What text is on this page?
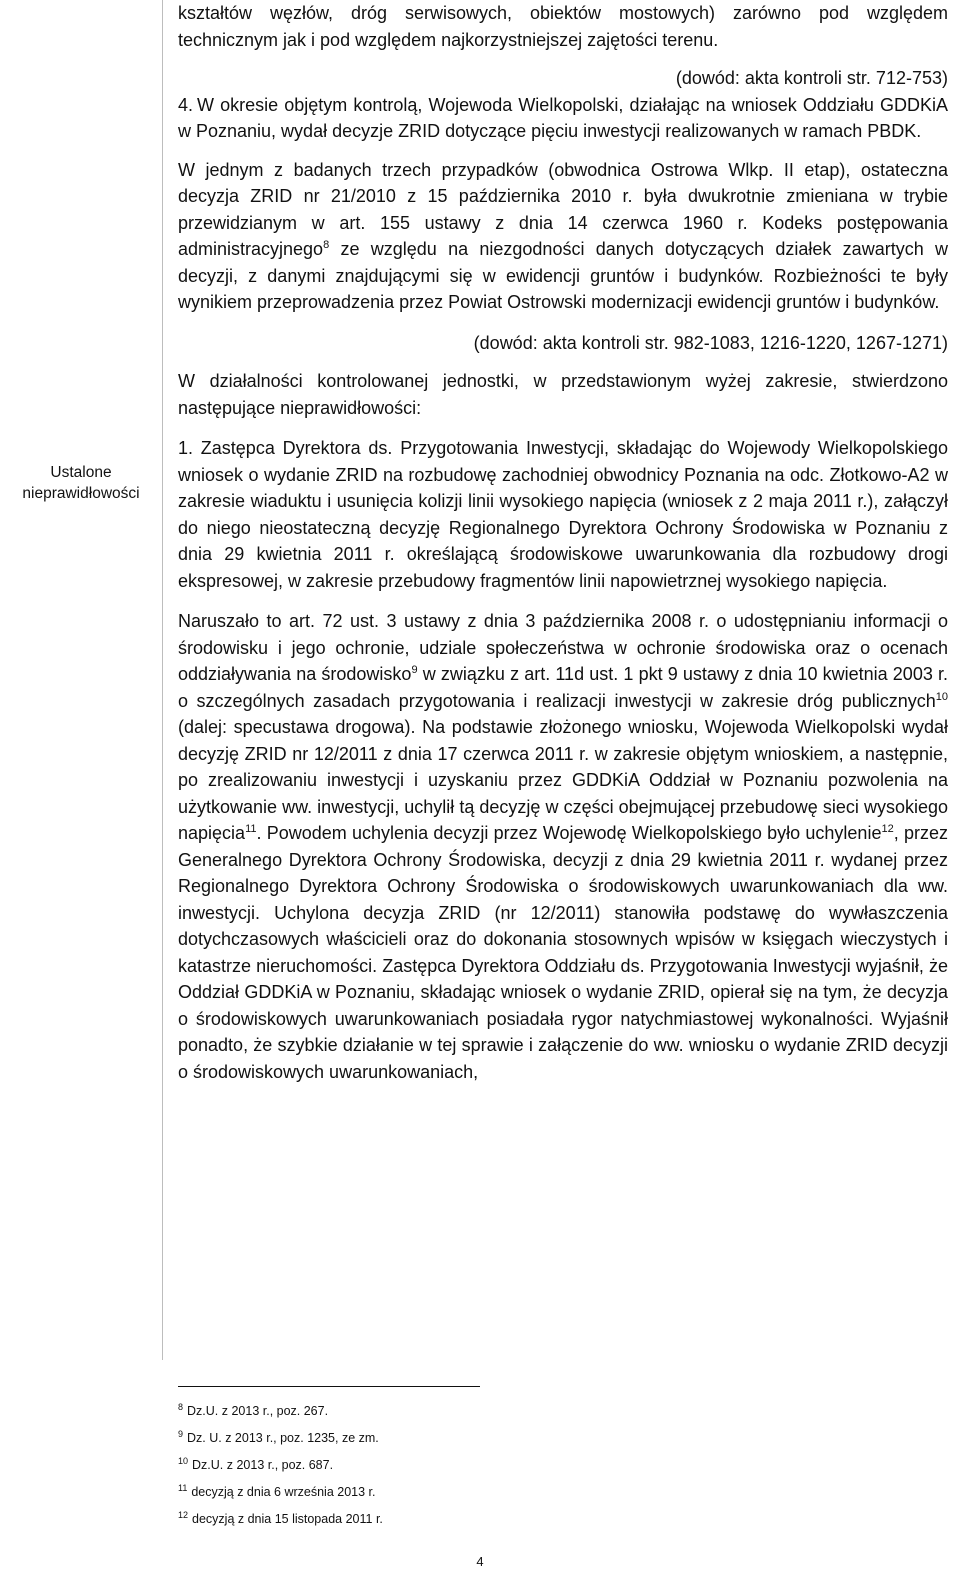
Ustalone
nieprawidłowości

kształtów węzłów, dróg serwisowych, obiektów mostowych) zarówno pod względem technicznym jak i pod względem najkorzystniejszej zajętości terenu.

(dowód: akta kontroli str. 712-753)

4. W okresie objętym kontrolą, Wojewoda Wielkopolski, działając na wniosek Oddziału GDDKiA w Poznaniu, wydał decyzje ZRID dotyczące pięciu inwestycji realizowanych w ramach PBDK.

W jednym z badanych trzech przypadków (obwodnica Ostrowa Wlkp. II etap), ostateczna decyzja ZRID nr 21/2010 z 15 października 2010 r. była dwukrotnie zmieniana w trybie przewidzianym w art. 155 ustawy z dnia 14 czerwca 1960 r. Kodeks postępowania administracyjnego$^8$ ze względu na niezgodności danych dotyczących działek zawartych w decyzji, z danymi znajdującymi się w ewidencji gruntów i budynków. Rozbieżności te były wynikiem przeprowadzenia przez Powiat Ostrowski modernizacji ewidencji gruntów i budynków.

(dowód: akta kontroli str. 982-1083, 1216-1220, 1267-1271)

W działalności kontrolowanej jednostki, w przedstawionym wyżej zakresie, stwierdzono następujące nieprawidłowości:

1. Zastępca Dyrektora ds. Przygotowania Inwestycji, składając do Wojewody Wielkopolskiego wniosek o wydanie ZRID na rozbudowę zachodniej obwodnicy Poznania na odc. Złotkowo-A2 w zakresie wiaduktu i usunięcia kolizji linii wysokiego napięcia (wniosek z 2 maja 2011 r.), załączył do niego nieostateczną decyzję Regionalnego Dyrektora Ochrony Środowiska w Poznaniu z dnia 29 kwietnia 2011 r. określającą środowiskowe uwarunkowania dla rozbudowy drogi ekspresowej, w zakresie przebudowy fragmentów linii napowietrznej wysokiego napięcia.

Naruszało to art. 72 ust. 3 ustawy z dnia 3 października 2008 r. o udostępnianiu informacji o środowisku i jego ochronie, udziale społeczeństwa w ochronie środowiska oraz o ocenach oddziaływania na środowisko$^9$ w związku z art. 11d ust. 1 pkt 9 ustawy z dnia 10 kwietnia 2003 r. o szczególnych zasadach przygotowania i realizacji inwestycji w zakresie dróg publicznych$^{10}$ (dalej: specustawa drogowa). Na podstawie złożonego wniosku, Wojewoda Wielkopolski wydał decyzję ZRID nr 12/2011 z dnia 17 czerwca 2011 r. w zakresie objętym wnioskiem, a następnie, po zrealizowaniu inwestycji i uzyskaniu przez GDDKiA Oddział w Poznaniu pozwolenia na użytkowanie ww. inwestycji, uchylił tą decyzję w części obejmującej przebudowę sieci wysokiego napięcia$^{11}$. Powodem uchylenia decyzji przez Wojewodę Wielkopolskiego było uchylenie$^{12}$, przez Generalnego Dyrektora Ochrony Środowiska, decyzji z dnia 29 kwietnia 2011 r. wydanej przez Regionalnego Dyrektora Ochrony Środowiska o środowiskowych uwarunkowaniach dla ww. inwestycji. Uchylona decyzja ZRID (nr 12/2011) stanowiła podstawę do wywłaszczenia dotychczasowych właścicieli oraz do dokonania stosownych wpisów w księgach wieczystych i katastrze nieruchomości. Zastępca Dyrektora Oddziału ds. Przygotowania Inwestycji wyjaśnił, że Oddział GDDKiA w Poznaniu, składając wniosek o wydanie ZRID, opierał się na tym, że decyzja o środowiskowych uwarunkowaniach posiadała rygor natychmiastowej wykonalności. Wyjaśnił ponadto, że szybkie działanie w tej sprawie i załączenie do ww. wniosku o wydanie ZRID decyzji o środowiskowych uwarunkowaniach,

$^8$ Dz.U. z 2013 r., poz. 267.
$^9$ Dz. U. z 2013 r., poz. 1235, ze zm.
$^{10}$ Dz.U. z 2013 r., poz. 687.
$^{11}$ decyzją z dnia 6 września 2013 r.
$^{12}$ decyzją z dnia 15 listopada 2011 r.
4
